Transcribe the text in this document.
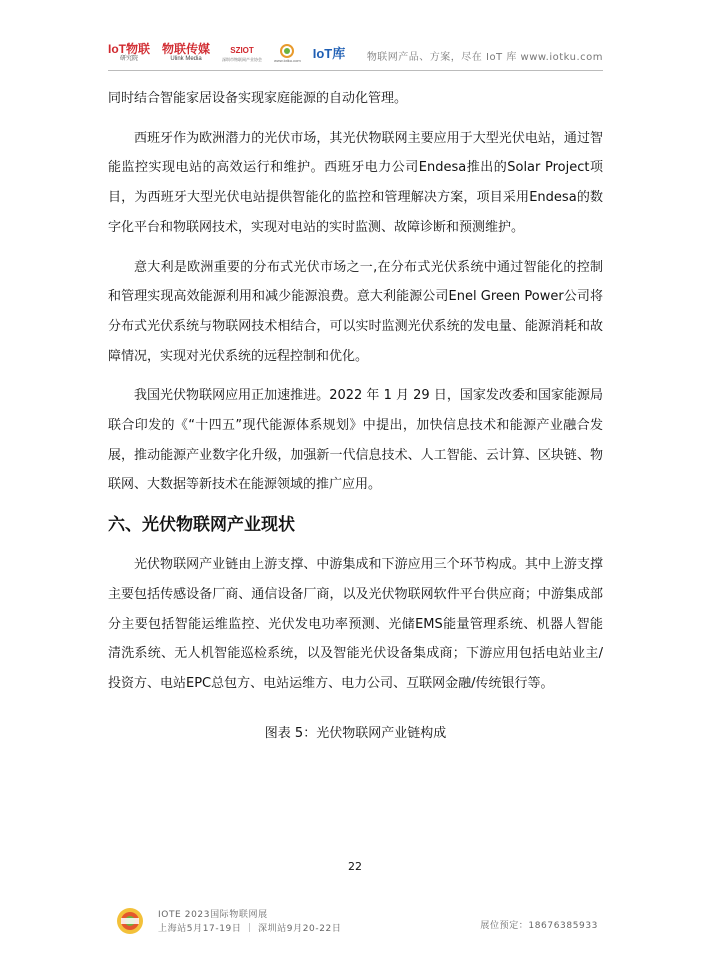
IoT物联
研究院
物联传媒
Ulink Media
SZIOT
深圳市物联网产业协会	www.iotku.com IoT库 物联网产品、方案，尽在 IoT 库 www.iotku.com

同时结合智能家居设备实现家庭能源的自动化管理。

西班牙作为欧洲潜力的光伏市场，其光伏物联网主要应用于大型光伏电站，通过智能监控实现电站的高效运行和维护。西班牙电力公司Endesa推出的Solar Project项目，为西班牙大型光伏电站提供智能化的监控和管理解决方案，项目采用Endesa的数字化平台和物联网技术，实现对电站的实时监测、故障诊断和预测维护。

意大利是欧洲重要的分布式光伏市场之一,在分布式光伏系统中通过智能化的控制和管理实现高效能源利用和减少能源浪费。意大利能源公司Enel Green Power公司将分布式光伏系统与物联网技术相结合，可以实时监测光伏系统的发电量、能源消耗和故障情况，实现对光伏系统的远程控制和优化。

我国光伏物联网应用正加速推进。2022 年 1 月 29 日，国家发改委和国家能源局联合印发的《“十四五”现代能源体系规划》中提出，加快信息技术和能源产业融合发展，推动能源产业数字化升级，加强新一代信息技术、人工智能、云计算、区块链、物联网、大数据等新技术在能源领域的推广应用。

六、光伏物联网产业现状

光伏物联网产业链由上游支撑、中游集成和下游应用三个环节构成。其中上游支撑主要包括传感设备厂商、通信设备厂商，以及光伏物联网软件平台供应商；中游集成部分主要包括智能运维监控、光伏发电功率预测、光储EMS能量管理系统、机器人智能清洗系统、无人机智能巡检系统，以及智能光伏设备集成商；下游应用包括电站业主/投资方、电站EPC总包方、电站运维方、电力公司、互联网金融/传统银行等。

图表 5：光伏物联网产业链构成
22
IOTE 2023国际物联网展
上海站5月17-19日 ｜ 深圳站9月20-22日	展位预定：18676385933
